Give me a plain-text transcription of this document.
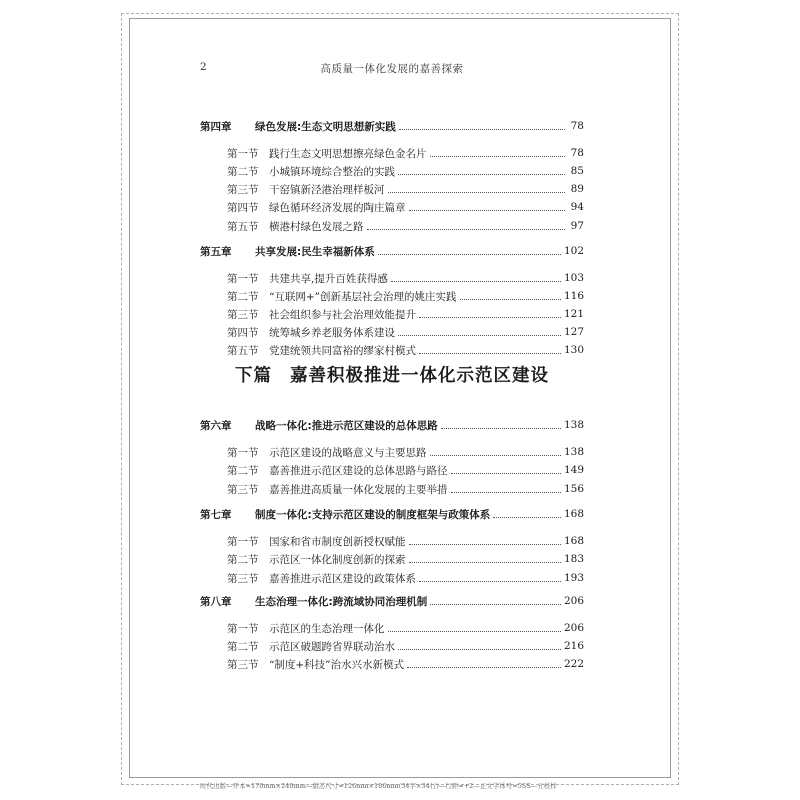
2	高质量一体化发展的嘉善探索
下篇 嘉善积极推进一体化示范区建设
第四章	绿色发展:生态文明思想新实践	78
第一节	践行生态文明思想擦亮绿色金名片	78
第二节	小城镇环境综合整治的实践	85
第三节	干窑镇新泾港治理样板河	89
第四节	绿色循环经济发展的陶庄篇章	94
第五节	横港村绿色发展之路	97
第五章	共享发展:民生幸福新体系	102
第一节	共建共享,提升百姓获得感	103
第二节	“互联网+”创新基层社会治理的姚庄实践	116
第三节	社会组织参与社会治理效能提升	121
第四节	统筹城乡养老服务体系建设	127
第五节	党建统领共同富裕的缪家村模式	130
第六章	战略一体化:推进示范区建设的总体思路	138
第一节	示范区建设的战略意义与主要思路	138
第二节	嘉善推进示范区建设的总体思路与路径	149
第三节	嘉善推进高质量一体化发展的主要举措	156
第七章	制度一体化:支持示范区建设的制度框架与政策体系	168
第一节	国家和省市制度创新授权赋能	168
第二节	示范区一体化制度创新的探索	183
第三节	嘉善推进示范区建设的政策体系	193
第八章	生态治理一体化:跨流域协同治理机制	206
第一节	示范区的生态治理一体化	206
第二节	示范区破题跨省界联动治水	216
第三节	“制度+科技”治水兴水新模式	222
时代出版—开本≈170mm×240mm—版芯尺寸≈126mm×186mm(34字×34行)—行距≈+2—正文字体号≈5SS—五校样
